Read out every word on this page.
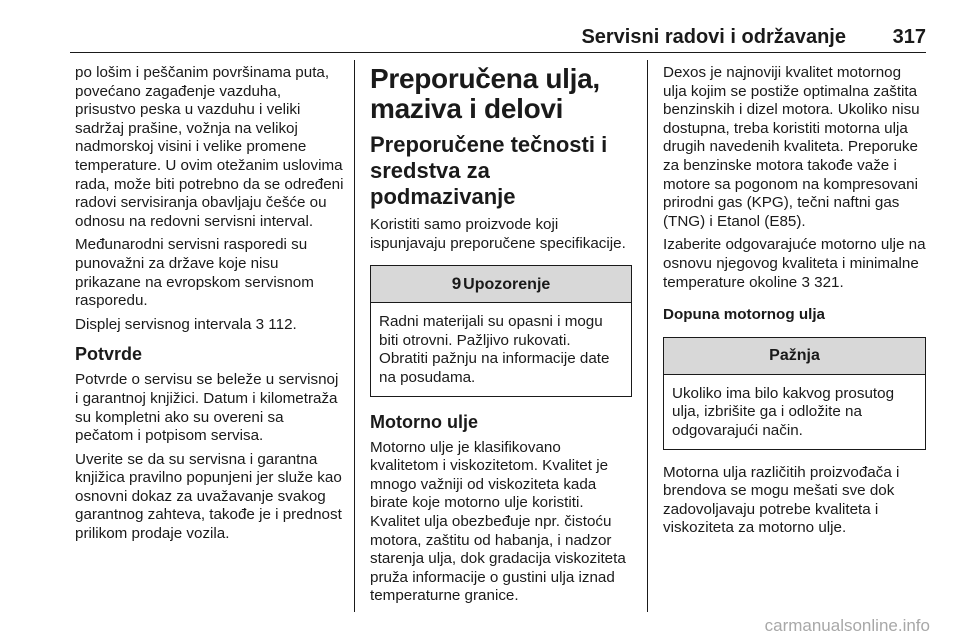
Servisni radovi i održavanje 317

po lošim i peščanim površinama puta, povećano zagađenje vazduha, prisustvo peska u vazduhu i veliki sadržaj prašine, vožnja na velikoj nadmorskoj visini i velike promene temperature. U ovim otežanim uslovima rada, može biti potrebno da se određeni radovi servisiranja obavljaju češće ou odnosu na redovni servisni interval.

Međunarodni servisni rasporedi su punovažni za države koje nisu prikazane na evropskom servisnom rasporedu.

Displej servisnog intervala 3 112.

Potvrde

Potvrde o servisu se beleže u servisnoj i garantnoj knjižici. Datum i kilometraža su kompletni ako su overeni sa pečatom i potpisom servisa.

Uverite se da su servisna i garantna knjižica pravilno popunjeni jer služe kao osnovni dokaz za uvažavanje svakog garantnog zahteva, takođe je i prednost prilikom prodaje vozila.

Preporučena ulja, maziva i delovi
Preporučene tečnosti i sredstva za podmazivanje

Koristiti samo proizvode koji ispunjavaju preporučene specifikacije.

9 Upozorenje

Radni materijali su opasni i mogu biti otrovni. Pažljivo rukovati. Obratiti pažnju na informacije date na posudama.

Motorno ulje

Motorno ulje je klasifikovano kvalitetom i viskozitetom. Kvalitet je mnogo važniji od viskoziteta kada birate koje motorno ulje koristiti. Kvalitet ulja obezbeđuje npr. čistoću motora, zaštitu od habanja, i nadzor starenja ulja, dok gradacija viskoziteta pruža informacije o gustini ulja iznad temperaturne granice.

Dexos je najnoviji kvalitet motornog ulja kojim se postiže optimalna zaštita benzinskih i dizel motora. Ukoliko nisu dostupna, treba koristiti motorna ulja drugih navedenih kvaliteta. Preporuke za benzinske motora takođe važe i motore sa pogonom na kompresovani prirodni gas (KPG), tečni naftni gas (TNG) i Etanol (E85).

Izaberite odgovarajuće motorno ulje na osnovu njegovog kvaliteta i minimalne temperature okoline 3 321.

Dopuna motornog ulja
Pažnja

Ukoliko ima bilo kakvog prosutog ulja, izbrišite ga i odložite na odgovarajući način.

Motorna ulja različitih proizvođača i brendova se mogu mešati sve dok zadovoljavaju potrebe kvaliteta i viskoziteta za motorno ulje.

carmanualsonline.info
